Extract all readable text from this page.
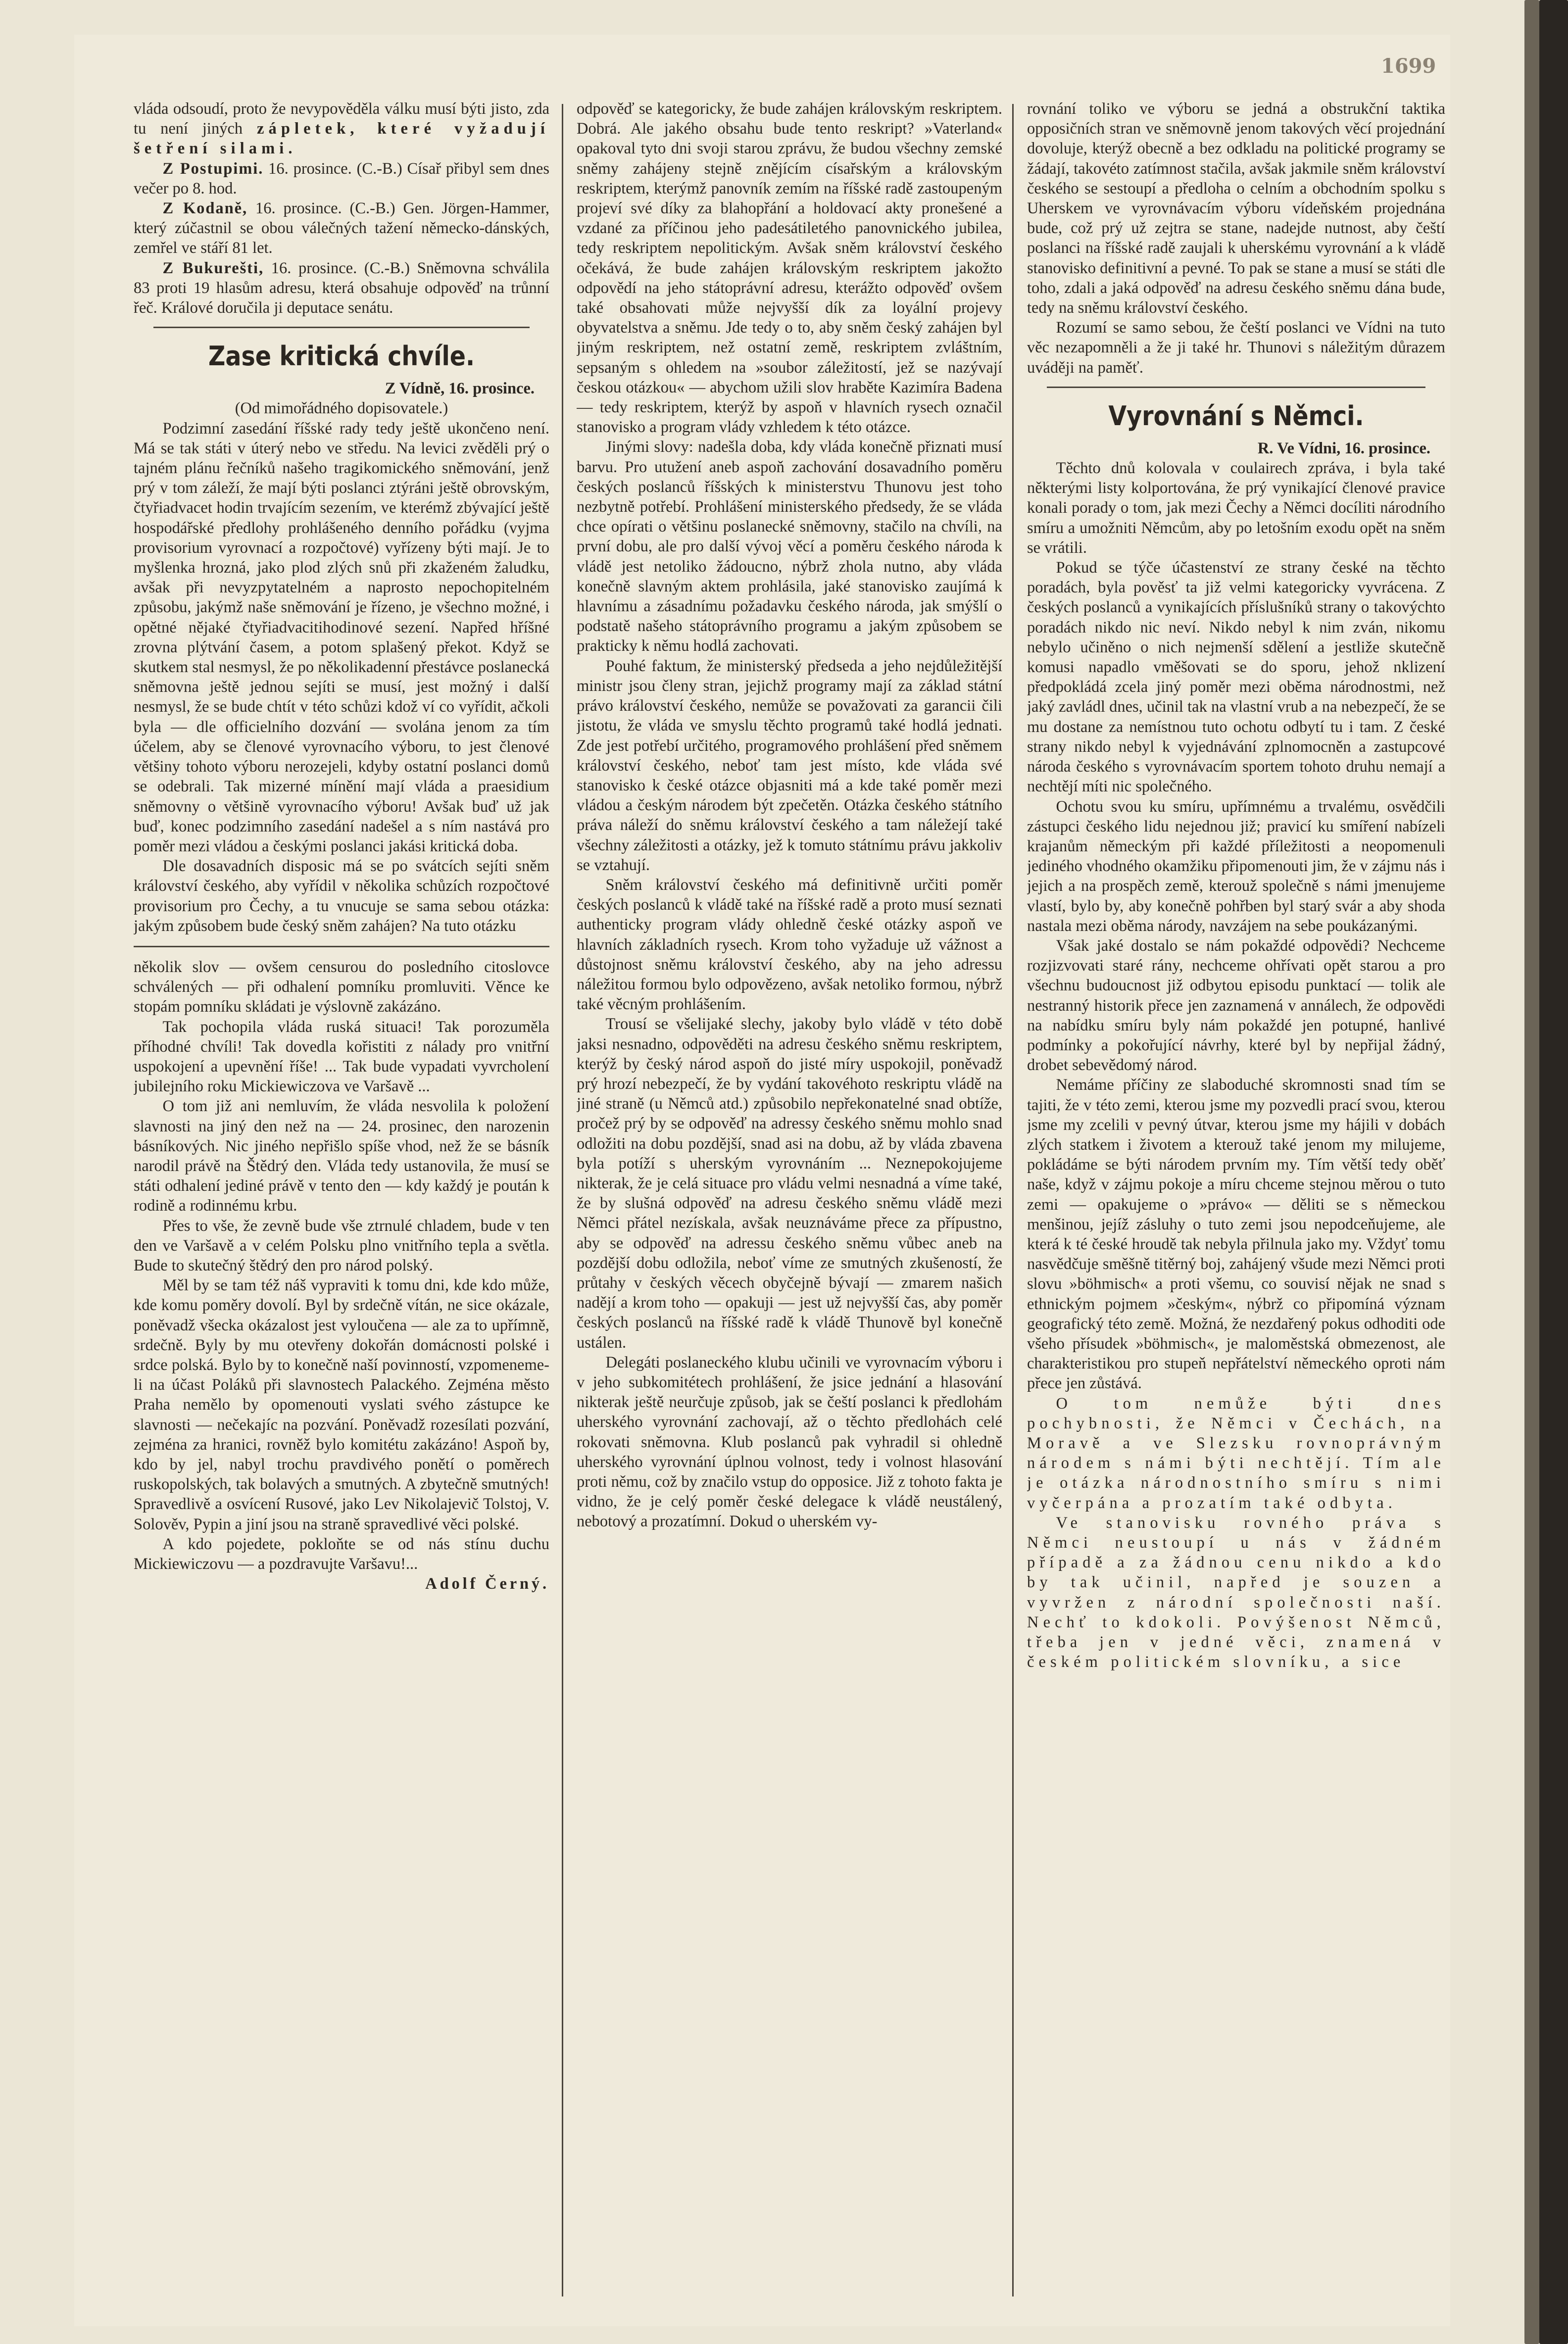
1699

vláda odsoudí, proto že nevypověděla válku musí býti jisto, zda tu není jiných zápletek, které vyžadují šetření silami.

Z Postupimi. 16. prosince. (C.-B.) Císař přibyl sem dnes večer po 8. hod.

Z Kodaně, 16. prosince. (C.-B.) Gen. Jörgen-Hammer, který zúčastnil se obou válečných tažení německo-dánských, zemřel ve stáří 81 let.

Z Bukurešti, 16. prosince. (C.-B.) Sněmovna schválila 83 proti 19 hlasům adresu, která obsahuje odpověď na trůnní řeč. Králové doručila ji deputace senátu.

Zase kritická chvíle.

Z Vídně, 16. prosince.

(Od mimořádného dopisovatele.)

Podzimní zasedání říšské rady tedy ještě ukončeno není. Má se tak státi v úterý nebo ve středu. Na levici zvěděli prý o tajném plánu řečníků našeho tragikomického sněmování, jenž prý v tom záleží, že mají býti poslanci ztýráni ještě obrovským, čtyřiadvacet hodin trvajícím sezením, ve kterémž zbývající ještě hospodářské předlohy prohlášeného denního pořádku (vyjma provisorium vyrovnací a rozpočtové) vyřízeny býti mají. Je to myšlenka hrozná, jako plod zlých snů při zkaženém žaludku, avšak při nevyzpytatelném a naprosto nepochopitelném způsobu, jakýmž naše sněmování je řízeno, je všechno možné, i opětné nějaké čtyřiadvacitihodinové sezení. Napřed hříšné zrovna plýtvání časem, a potom splašený překot. Když se skutkem stal nesmysl, že po několikadenní přestávce poslanecká sněmovna ještě jednou sejíti se musí, jest možný i další nesmysl, že se bude chtít v této schůzi kdož ví co vyřídit, ačkoli byla — dle officielního dozvání — svolána jenom za tím účelem, aby se členové vyrovnacího výboru, to jest členové většiny tohoto výboru nerozejeli, kdyby ostatní poslanci domů se odebrali. Tak mizerné mínění mají vláda a praesidium sněmovny o většině vyrovnacího výboru! Avšak buď už jak buď, konec podzimního zasedání nadešel a s ním nastává pro poměr mezi vládou a českými poslanci jakási kritická doba.

Dle dosavadních disposic má se po svátcích sejíti sněm království českého, aby vyřídil v několika schůzích rozpočtové provisorium pro Čechy, a tu vnucuje se sama sebou otázka: jakým způsobem bude český sněm zahájen? Na tuto otázku

několik slov — ovšem censurou do posledního citoslovce schválených — při odhalení pomníku promluviti. Věnce ke stopám pomníku skládati je výslovně zakázáno.

Tak pochopila vláda ruská situaci! Tak porozuměla příhodné chvíli! Tak dovedla kořistiti z nálady pro vnitřní uspokojení a upevnění říše! ... Tak bude vypadati vyvrcholení jubilejního roku Mickiewiczova ve Varšavě ...

O tom již ani nemluvím, že vláda nesvolila k položení slavnosti na jiný den než na — 24. prosinec, den narozenin básníkových. Nic jiného nepřišlo spíše vhod, než že se básník narodil právě na Štědrý den. Vláda tedy ustanovila, že musí se státi odhalení jediné právě v tento den — kdy každý je poután k rodině a rodinnému krbu.

Přes to vše, že zevně bude vše ztrnulé chladem, bude v ten den ve Varšavě a v celém Polsku plno vnitřního tepla a světla. Bude to skutečný štědrý den pro národ polský.

Měl by se tam též náš vypraviti k tomu dni, kde kdo může, kde komu poměry dovolí. Byl by srdečně vítán, ne sice okázale, poněvadž všecka okázalost jest vyloučena — ale za to upřímně, srdečně. Byly by mu otevřeny dokořán domácnosti polské i srdce polská. Bylo by to konečně naší povinností, vzpomeneme-li na účast Poláků při slavnostech Palackého. Zejména město Praha nemělo by opomenouti vyslati svého zástupce ke slavnosti — nečekajíc na pozvání. Poněvadž rozesílati pozvání, zejména za hranici, rovněž bylo komitétu zakázáno! Aspoň by, kdo by jel, nabyl trochu pravdivého ponětí o poměrech ruskopolských, tak bolavých a smutných. A zbytečně smutných! Spravedlivě a osvícení Rusové, jako Lev Nikolajevič Tolstoj, V. Solověv, Pypin a jiní jsou na straně spravedlivé věci polské.

A kdo pojedete, pokloňte se od nás stínu duchu Mickiewiczovu — a pozdravujte Varšavu!...

Adolf Černý.

odpověď se kategoricky, že bude zahájen královským reskriptem. Dobrá. Ale jakého obsahu bude tento reskript? »Vaterland« opakoval tyto dni svoji starou zprávu, že budou všechny zemské sněmy zahájeny stejně znějícím císařským a královským reskriptem, kterýmž panovník zemím na říšské radě zastoupeným projeví své díky za blahopřání a holdovací akty pronešené a vzdané za příčinou jeho padesátiletého panovnického jubilea, tedy reskriptem nepolitickým. Avšak sněm království českého očekává, že bude zahájen královským reskriptem jakožto odpovědí na jeho státoprávní adresu, kterážto odpověď ovšem také obsahovati může nejvyšší dík za loyální projevy obyvatelstva a sněmu. Jde tedy o to, aby sněm český zahájen byl jiným reskriptem, než ostatní země, reskriptem zvláštním, sepsaným s ohledem na »soubor záležitostí, jež se nazývají českou otázkou« — abychom užili slov hraběte Kazimíra Badena — tedy reskriptem, kterýž by aspoň v hlavních rysech označil stanovisko a program vlády vzhledem k této otázce.

Jinými slovy: nadešla doba, kdy vláda konečně přiznati musí barvu. Pro utužení aneb aspoň zachování dosavadního poměru českých poslanců říšských k ministerstvu Thunovu jest toho nezbytně potřebí. Prohlášení ministerského předsedy, že se vláda chce opírati o většinu poslanecké sněmovny, stačilo na chvíli, na první dobu, ale pro další vývoj věcí a poměru českého národa k vládě jest netoliko žádoucno, nýbrž zhola nutno, aby vláda konečně slavným aktem prohlásila, jaké stanovisko zaujímá k hlavnímu a zásadnímu požadavku českého národa, jak smýšlí o podstatě našeho státoprávního programu a jakým způsobem se prakticky k němu hodlá zachovati.

Pouhé faktum, že ministerský předseda a jeho nejdůležitější ministr jsou členy stran, jejichž programy mají za základ státní právo království českého, nemůže se považovati za garancii čili jistotu, že vláda ve smyslu těchto programů také hodlá jednati. Zde jest potřebí určitého, programového prohlášení před sněmem království českého, neboť tam jest místo, kde vláda své stanovisko k české otázce objasniti má a kde také poměr mezi vládou a českým národem být zpečetěn. Otázka českého státního práva náleží do sněmu království českého a tam náležejí také všechny záležitosti a otázky, jež k tomuto státnímu právu jakkoliv se vztahují.

Sněm království českého má definitivně určiti poměr českých poslanců k vládě také na říšské radě a proto musí seznati authenticky program vlády ohledně české otázky aspoň ve hlavních základních rysech. Krom toho vyžaduje už vážnost a důstojnost sněmu království českého, aby na jeho adressu náležitou formou bylo odpovězeno, avšak netoliko formou, nýbrž také věcným prohlášením.

Trousí se všelijaké slechy, jakoby bylo vládě v této době jaksi nesnadno, odpověděti na adresu českého sněmu reskriptem, kterýž by český národ aspoň do jisté míry uspokojil, poněvadž prý hrozí nebezpečí, že by vydání takovéhoto reskriptu vládě na jiné straně (u Němců atd.) způsobilo nepřekonatelné snad obtíže, pročež prý by se odpověď na adressy českého sněmu mohlo snad odložiti na dobu pozdější, snad asi na dobu, až by vláda zbavena byla potíží s uherským vyrovnáním ... Neznepokojujeme nikterak, že je celá situace pro vládu velmi nesnadná a víme také, že by slušná odpověď na adresu českého sněmu vládě mezi Němci přátel nezískala, avšak neuznáváme přece za přípustno, aby se odpověď na adressu českého sněmu vůbec aneb na pozdější dobu odložila, neboť víme ze smutných zkušeností, že průtahy v českých věcech obyčejně bývají — zmarem našich nadějí a krom toho — opakuji — jest už nejvyšší čas, aby poměr českých poslanců na říšské radě k vládě Thunově byl konečně ustálen.

Delegáti poslaneckého klubu učinili ve vyrovnacím výboru i v jeho subkomitétech prohlášení, že jsice jednání a hlasování nikterak ještě neurčuje způsob, jak se čeští poslanci k předlohám uherského vyrovnání zachovají, až o těchto předlohách celé rokovati sněmovna. Klub poslanců pak vyhradil si ohledně uherského vyrovnání úplnou volnost, tedy i volnost hlasování proti němu, což by značilo vstup do opposice. Již z tohoto fakta je vidno, že je celý poměr české delegace k vládě neustálený, nebotový a prozatímní. Dokud o uherském vy-

rovnání toliko ve výboru se jedná a obstrukční taktika opposičních stran ve sněmovně jenom takových věcí projednání dovoluje, kterýž obecně a bez odkladu na politické programy se žádají, takovéto zatímnost stačila, avšak jakmile sněm království českého se sestoupí a předloha o celním a obchodním spolku s Uherskem ve vyrovnávacím výboru vídeňském projednána bude, což prý už zejtra se stane, nadejde nutnost, aby čeští poslanci na říšské radě zaujali k uherskému vyrovnání a k vládě stanovisko definitivní a pevné. To pak se stane a musí se státi dle toho, zdali a jaká odpověď na adresu českého sněmu dána bude, tedy na sněmu království českého.

Rozumí se samo sebou, že čeští poslanci ve Vídni na tuto věc nezapomněli a že ji také hr. Thunovi s náležitým důrazem uváději na paměť.

Vyrovnání s Němci.

R. Ve Vídni, 16. prosince.

Těchto dnů kolovala v coulairech zpráva, i byla také některými listy kolportována, že prý vynikající členové pravice konali porady o tom, jak mezi Čechy a Němci docíliti národního smíru a umožniti Němcům, aby po letošním exodu opět na sněm se vrátili.

Pokud se týče účastenství ze strany české na těchto poradách, byla pověsť ta již velmi kategoricky vyvrácena. Z českých poslanců a vynikajících příslušníků strany o takovýchto poradách nikdo nic neví. Nikdo nebyl k nim zván, nikomu nebylo učiněno o nich nejmenší sdělení a jestliže skutečně komusi napadlo vměšovati se do sporu, jehož nklizení předpokládá zcela jiný poměr mezi oběma národnostmi, než jaký zavládl dnes, učinil tak na vlastní vrub a na nebezpečí, že se mu dostane za nemístnou tuto ochotu odbytí tu i tam. Z české strany nikdo nebyl k vyjednávání zplnomocněn a zastupcové národa českého s vyrovnávacím sportem tohoto druhu nemají a nechtějí míti nic společného.

Ochotu svou ku smíru, upřímnému a trvalému, osvědčili zástupci českého lidu nejednou již; pravicí ku smíření nabízeli krajanům německým při každé příležitosti a neopomenuli jediného vhodného okamžiku připomenouti jim, že v zájmu nás i jejich a na prospěch země, kterouž společně s námi jmenujeme vlastí, bylo by, aby konečně pohřben byl starý svár a aby shoda nastala mezi oběma národy, navzájem na sebe poukázanými.

Však jaké dostalo se nám pokaždé odpovědi? Nechceme rozjizvovati staré rány, nechceme ohřívati opět starou a pro všechnu budoucnost již odbytou episodu punktací — tolik ale nestranný historik přece jen zaznamená v annálech, že odpovědi na nabídku smíru byly nám pokaždé jen potupné, hanlivé podmínky a pokořující návrhy, které byl by nepřijal žádný, drobet sebevědomý národ.

Nemáme příčiny ze slaboduché skromnosti snad tím se tajiti, že v této zemi, kterou jsme my pozvedli prací svou, kterou jsme my zcelili v pevný útvar, kterou jsme my hájili v dobách zlých statkem i životem a kterouž také jenom my milujeme, pokládáme se býti národem prvním my. Tím větší tedy oběť naše, když v zájmu pokoje a míru chceme stejnou měrou o tuto zemi — opakujeme o »právo« — děliti se s německou menšinou, jejíž zásluhy o tuto zemi jsou nepodceňujeme, ale která k té české hroudě tak nebyla přilnula jako my. Vždyť tomu nasvědčuje směšně titěrný boj, zahájený všude mezi Němci proti slovu »böhmisch« a proti všemu, co souvisí nějak ne snad s ethnickým pojmem »českým«, nýbrž co připomíná význam geografický této země. Možná, že nezdařený pokus odhoditi ode všeho přísudek »böhmisch«, je maloměstská obmezenost, ale charakteristikou pro stupeň nepřátelství německého oproti nám přece jen zůstává.

O tom nemůže býti dnes pochybnosti, že Němci v Čechách, na Moravě a ve Slezsku rovnoprávným národem s námi býti nechtějí. Tím ale je otázka národnostního smíru s nimi vyčerpána a prozatím také odbyta.

Ve stanovisku rovného práva s Němci neustoupí u nás v žádném případě a za žádnou cenu nikdo a kdo by tak učinil, napřed je souzen a vyvržen z národní společnosti naší. Nechť to kdokoli. Povýšenost Němců, třeba jen v jedné věci, znamená v českém politickém slovníku, a sice
